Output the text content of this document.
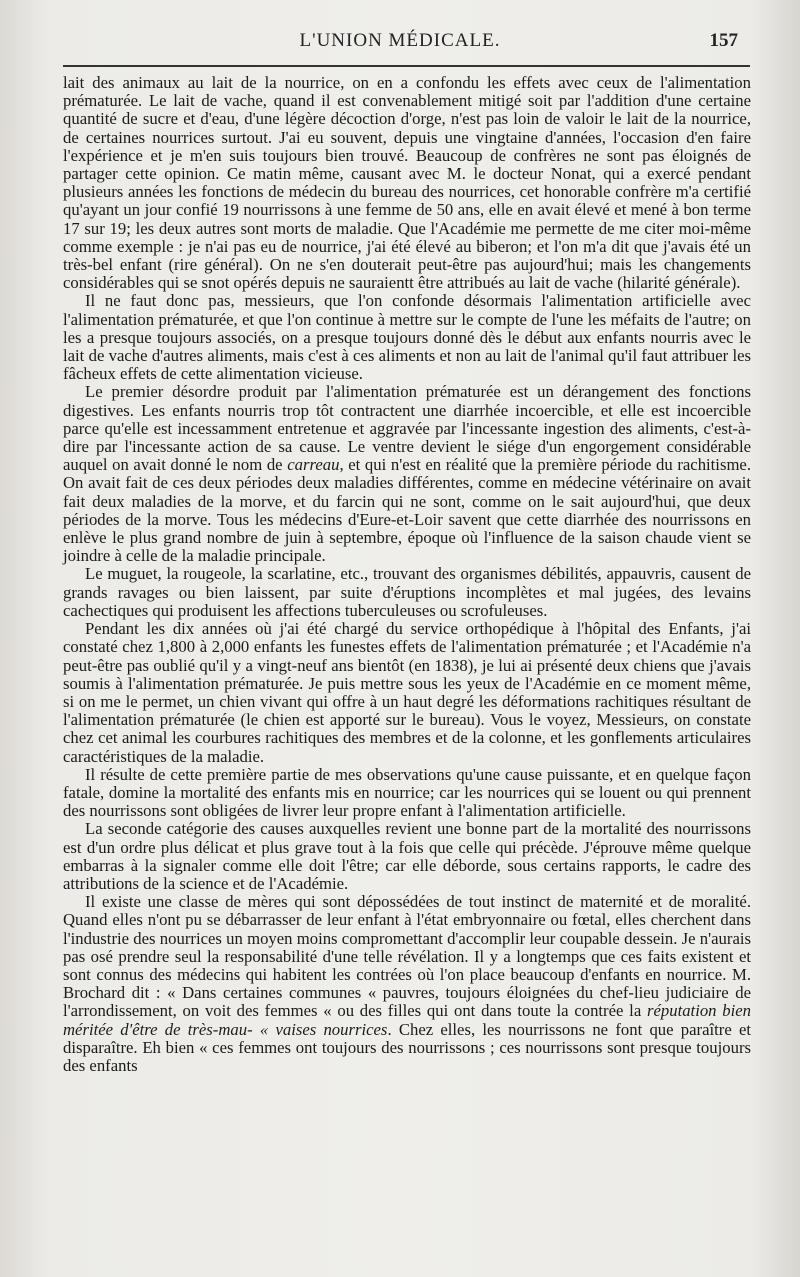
L'UNION MÉDICALE.	157

lait des animaux au lait de la nourrice, on en a confondu les effets avec ceux de l'alimentation prématurée. Le lait de vache, quand il est convenablement mitigé soit par l'addition d'une certaine quantité de sucre et d'eau, d'une légère décoction d'orge, n'est pas loin de valoir le lait de la nourrice, de certaines nourrices surtout. J'ai eu souvent, depuis une vingtaine d'années, l'occasion d'en faire l'expérience et je m'en suis toujours bien trouvé. Beaucoup de confrères ne sont pas éloignés de partager cette opinion. Ce matin même, causant avec M. le docteur Nonat, qui a exercé pendant plusieurs années les fonctions de médecin du bureau des nourrices, cet honorable confrère m'a certifié qu'ayant un jour confié 19 nourrissons à une femme de 50 ans, elle en avait élevé et mené à bon terme 17 sur 19; les deux autres sont morts de maladie. Que l'Académie me permette de me citer moi-même comme exemple : je n'ai pas eu de nourrice, j'ai été élevé au biberon; et l'on m'a dit que j'avais été un très-bel enfant (rire général). On ne s'en douterait peut-être pas aujourd'hui; mais les changements considérables qui se snot opérés depuis ne sauraientt être attribués au lait de vache (hilarité générale).

Il ne faut donc pas, messieurs, que l'on confonde désormais l'alimentation artificielle avec l'alimentation prématurée, et que l'on continue à mettre sur le compte de l'une les méfaits de l'autre; on les a presque toujours associés, on a presque toujours donné dès le début aux enfants nourris avec le lait de vache d'autres aliments, mais c'est à ces aliments et non au lait de l'animal qu'il faut attribuer les fâcheux effets de cette alimentation vicieuse.

Le premier désordre produit par l'alimentation prématurée est un dérangement des fonctions digestives. Les enfants nourris trop tôt contractent une diarrhée incoercible, et elle est incoercible parce qu'elle est incessamment entretenue et aggravée par l'incessante ingestion des aliments, c'est-à-dire par l'incessante action de sa cause. Le ventre devient le siége d'un engorgement considérable auquel on avait donné le nom de carreau, et qui n'est en réalité que la première période du rachitisme. On avait fait de ces deux périodes deux maladies différentes, comme en médecine vétérinaire on avait fait deux maladies de la morve, et du farcin qui ne sont, comme on le sait aujourd'hui, que deux périodes de la morve. Tous les médecins d'Eure-et-Loir savent que cette diarrhée des nourrissons en enlève le plus grand nombre de juin à septembre, époque où l'influence de la saison chaude vient se joindre à celle de la maladie principale.

Le muguet, la rougeole, la scarlatine, etc., trouvant des organismes débilités, appauvris, causent de grands ravages ou bien laissent, par suite d'éruptions incomplètes et mal jugées, des levains cachectiques qui produisent les affections tuberculeuses ou scrofuleuses.

Pendant les dix années où j'ai été chargé du service orthopédique à l'hôpital des Enfants, j'ai constaté chez 1,800 à 2,000 enfants les funestes effets de l'alimentation prématurée ; et l'Académie n'a peut-être pas oublié qu'il y a vingt-neuf ans bientôt (en 1838), je lui ai présenté deux chiens que j'avais soumis à l'alimentation prématurée. Je puis mettre sous les yeux de l'Académie en ce moment même, si on me le permet, un chien vivant qui offre à un haut degré les déformations rachitiques résultant de l'alimentation prématurée (le chien est apporté sur le bureau). Vous le voyez, Messieurs, on constate chez cet animal les courbures rachitiques des membres et de la colonne, et les gonflements articulaires caractéristiques de la maladie.

Il résulte de cette première partie de mes observations qu'une cause puissante, et en quelque façon fatale, domine la mortalité des enfants mis en nourrice; car les nourrices qui se louent ou qui prennent des nourrissons sont obligées de livrer leur propre enfant à l'alimentation artificielle.

La seconde catégorie des causes auxquelles revient une bonne part de la mortalité des nourrissons est d'un ordre plus délicat et plus grave tout à la fois que celle qui précède. J'éprouve même quelque embarras à la signaler comme elle doit l'être; car elle déborde, sous certains rapports, le cadre des attributions de la science et de l'Académie.

Il existe une classe de mères qui sont dépossédées de tout instinct de maternité et de moralité. Quand elles n'ont pu se débarrasser de leur enfant à l'état embryonnaire ou fœtal, elles cherchent dans l'industrie des nourrices un moyen moins compromettant d'accomplir leur coupable dessein. Je n'aurais pas osé prendre seul la responsabilité d'une telle révélation. Il y a longtemps que ces faits existent et sont connus des médecins qui habitent les contrées où l'on place beaucoup d'enfants en nourrice. M. Brochard dit : « Dans certaines communes « pauvres, toujours éloignées du chef-lieu judiciaire de l'arrondissement, on voit des femmes « ou des filles qui ont dans toute la contrée la réputation bien méritée d'être de très-mau- « vaises nourrices. Chez elles, les nourrissons ne font que paraître et disparaître. Eh bien « ces femmes ont toujours des nourrissons ; ces nourrissons sont presque toujours des enfants
